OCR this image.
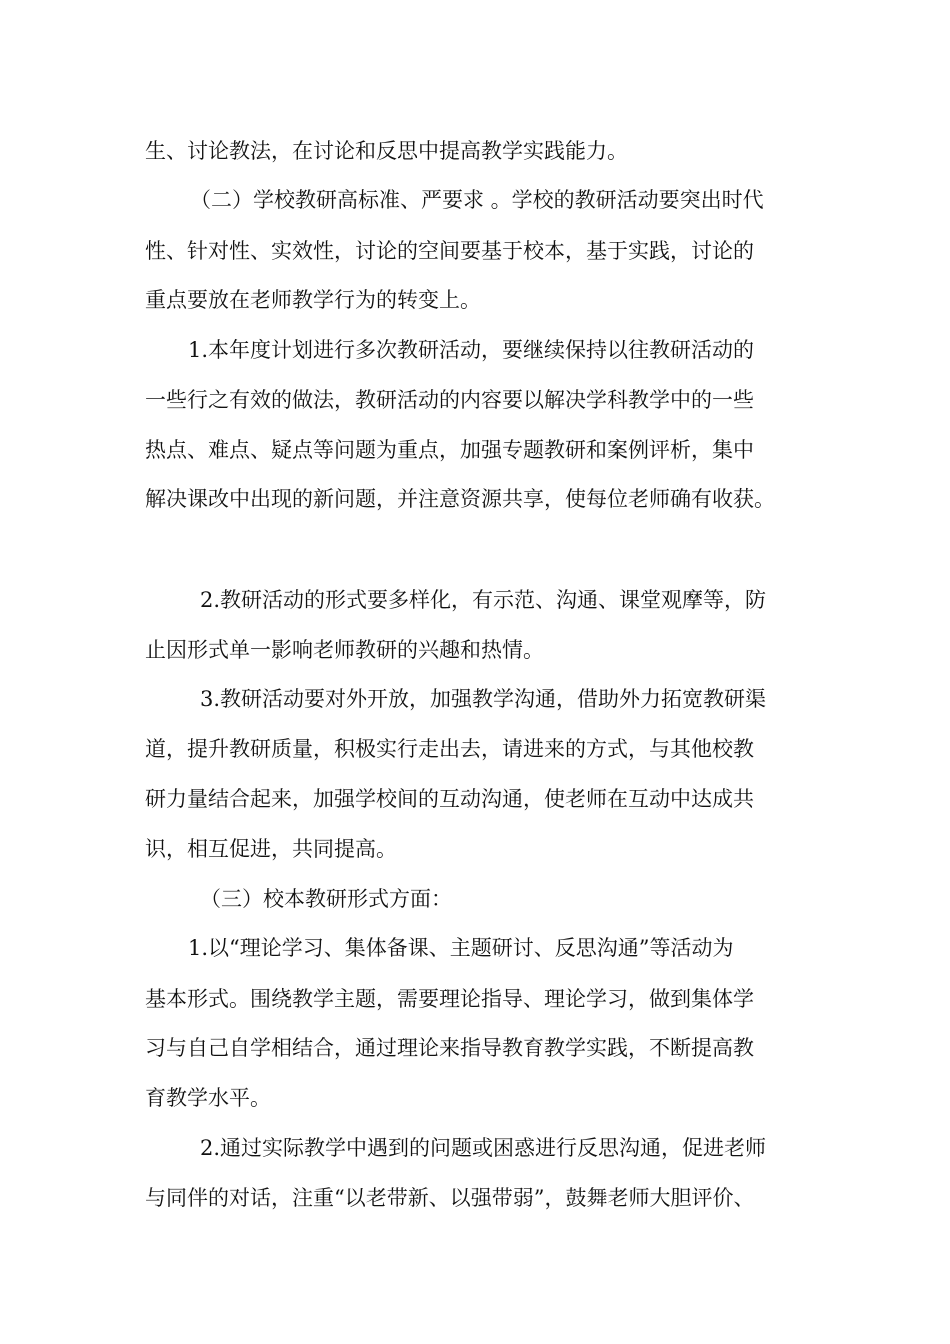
生、讨论教法，在讨论和反思中提高教学实践能力。

（二）学校教研高标准、严要求 。学校的教研活动要突出时代

性、针对性、实效性，讨论的空间要基于校本，基于实践，讨论的

重点要放在老师教学行为的转变上。

1.本年度计划进行多次教研活动，要继续保持以往教研活动的

一些行之有效的做法，教研活动的内容要以解决学科教学中的一些

热点、难点、疑点等问题为重点，加强专题教研和案例评析，集中

解决课改中出现的新问题，并注意资源共享，使每位老师确有收获。

2.教研活动的形式要多样化，有示范、沟通、课堂观摩等，防

止因形式单一影响老师教研的兴趣和热情。

3.教研活动要对外开放，加强教学沟通，借助外力拓宽教研渠

道，提升教研质量，积极实行走出去，请进来的方式，与其他校教

研力量结合起来，加强学校间的互动沟通，使老师在互动中达成共

识，相互促进，共同提高。

（三）校本教研形式方面：

1.以“理论学习、集体备课、主题研讨、反思沟通”等活动为

基本形式。围绕教学主题，需要理论指导、理论学习，做到集体学

习与自己自学相结合，通过理论来指导教育教学实践，不断提高教

育教学水平。

2.通过实际教学中遇到的问题或困惑进行反思沟通，促进老师

与同伴的对话，注重“以老带新、以强带弱”，鼓舞老师大胆评价、
